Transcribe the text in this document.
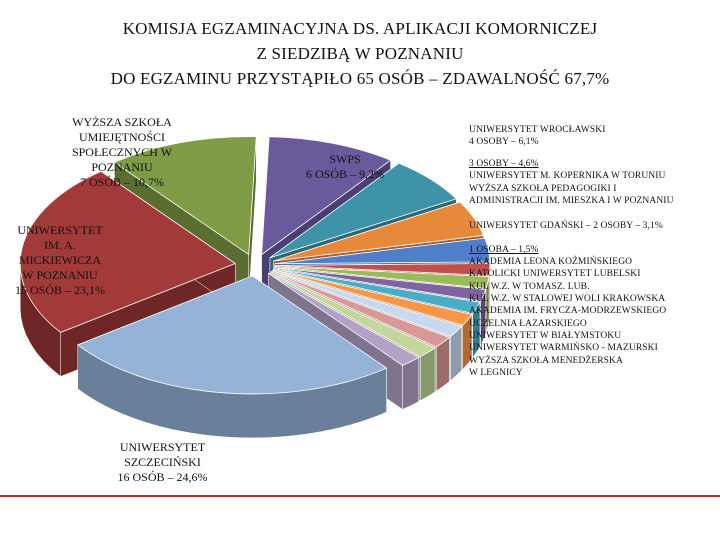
KOMISJA EGZAMINACYJNA DS. APLIKACJI KOMORNICZEJ
Z SIEDZIBĄ W POZNANIU
DO EGZAMINU PRZYSTĄPIŁO 65 OSÓB – ZDAWALNOŚĆ 67,7%
WYŻSZA SZKOŁA
UMIEJĘTNOŚCI
SPOŁECZNYCH W
POZNANIU
7 OSÓB – 10,7%
SWPS
6 OSÓB – 9,2%
UNIWERSYTET
IM. A.
MICKIEWICZA
W POZNANIU
15 OSÓB – 23,1%
UNIWERSYTET
SZCZECIŃSKI
16 OSÓB – 24,6%
UNIWERSYTET WROCŁAWSKI
4 OSOBY – 6,1%
3 OSOBY – 4,6%
UNIWERSYTET M. KOPERNIKA W TORUNIU
WYŻSZA SZKOŁA PEDAGOGIKI I
ADMINISTRACJI IM. MIESZKA I W POZNANIU
UNIWERSYTET GDAŃSKI – 2 OSOBY – 3,1%
1 OSOBA – 1,5%
AKADEMIA LEONA KOŹMIŃSKIEGO
KATOLICKI UNIWERSYTET LUBELSKI
KUL W.Z. W TOMASZ. LUB.
KUL W.Z. W STALOWEJ WOLI KRAKOWSKA
AKADEMIA IM. FRYCZA-MODRZEWSKIEGO
UCZELNIA ŁAZARSKIEGO
UNIWERSYTET W BIAŁYMSTOKU
UNIWERSYTET WARMIŃSKO - MAZURSKI
WYŻSZA SZKOŁA MENEDŻERSKA
W LEGNICY
